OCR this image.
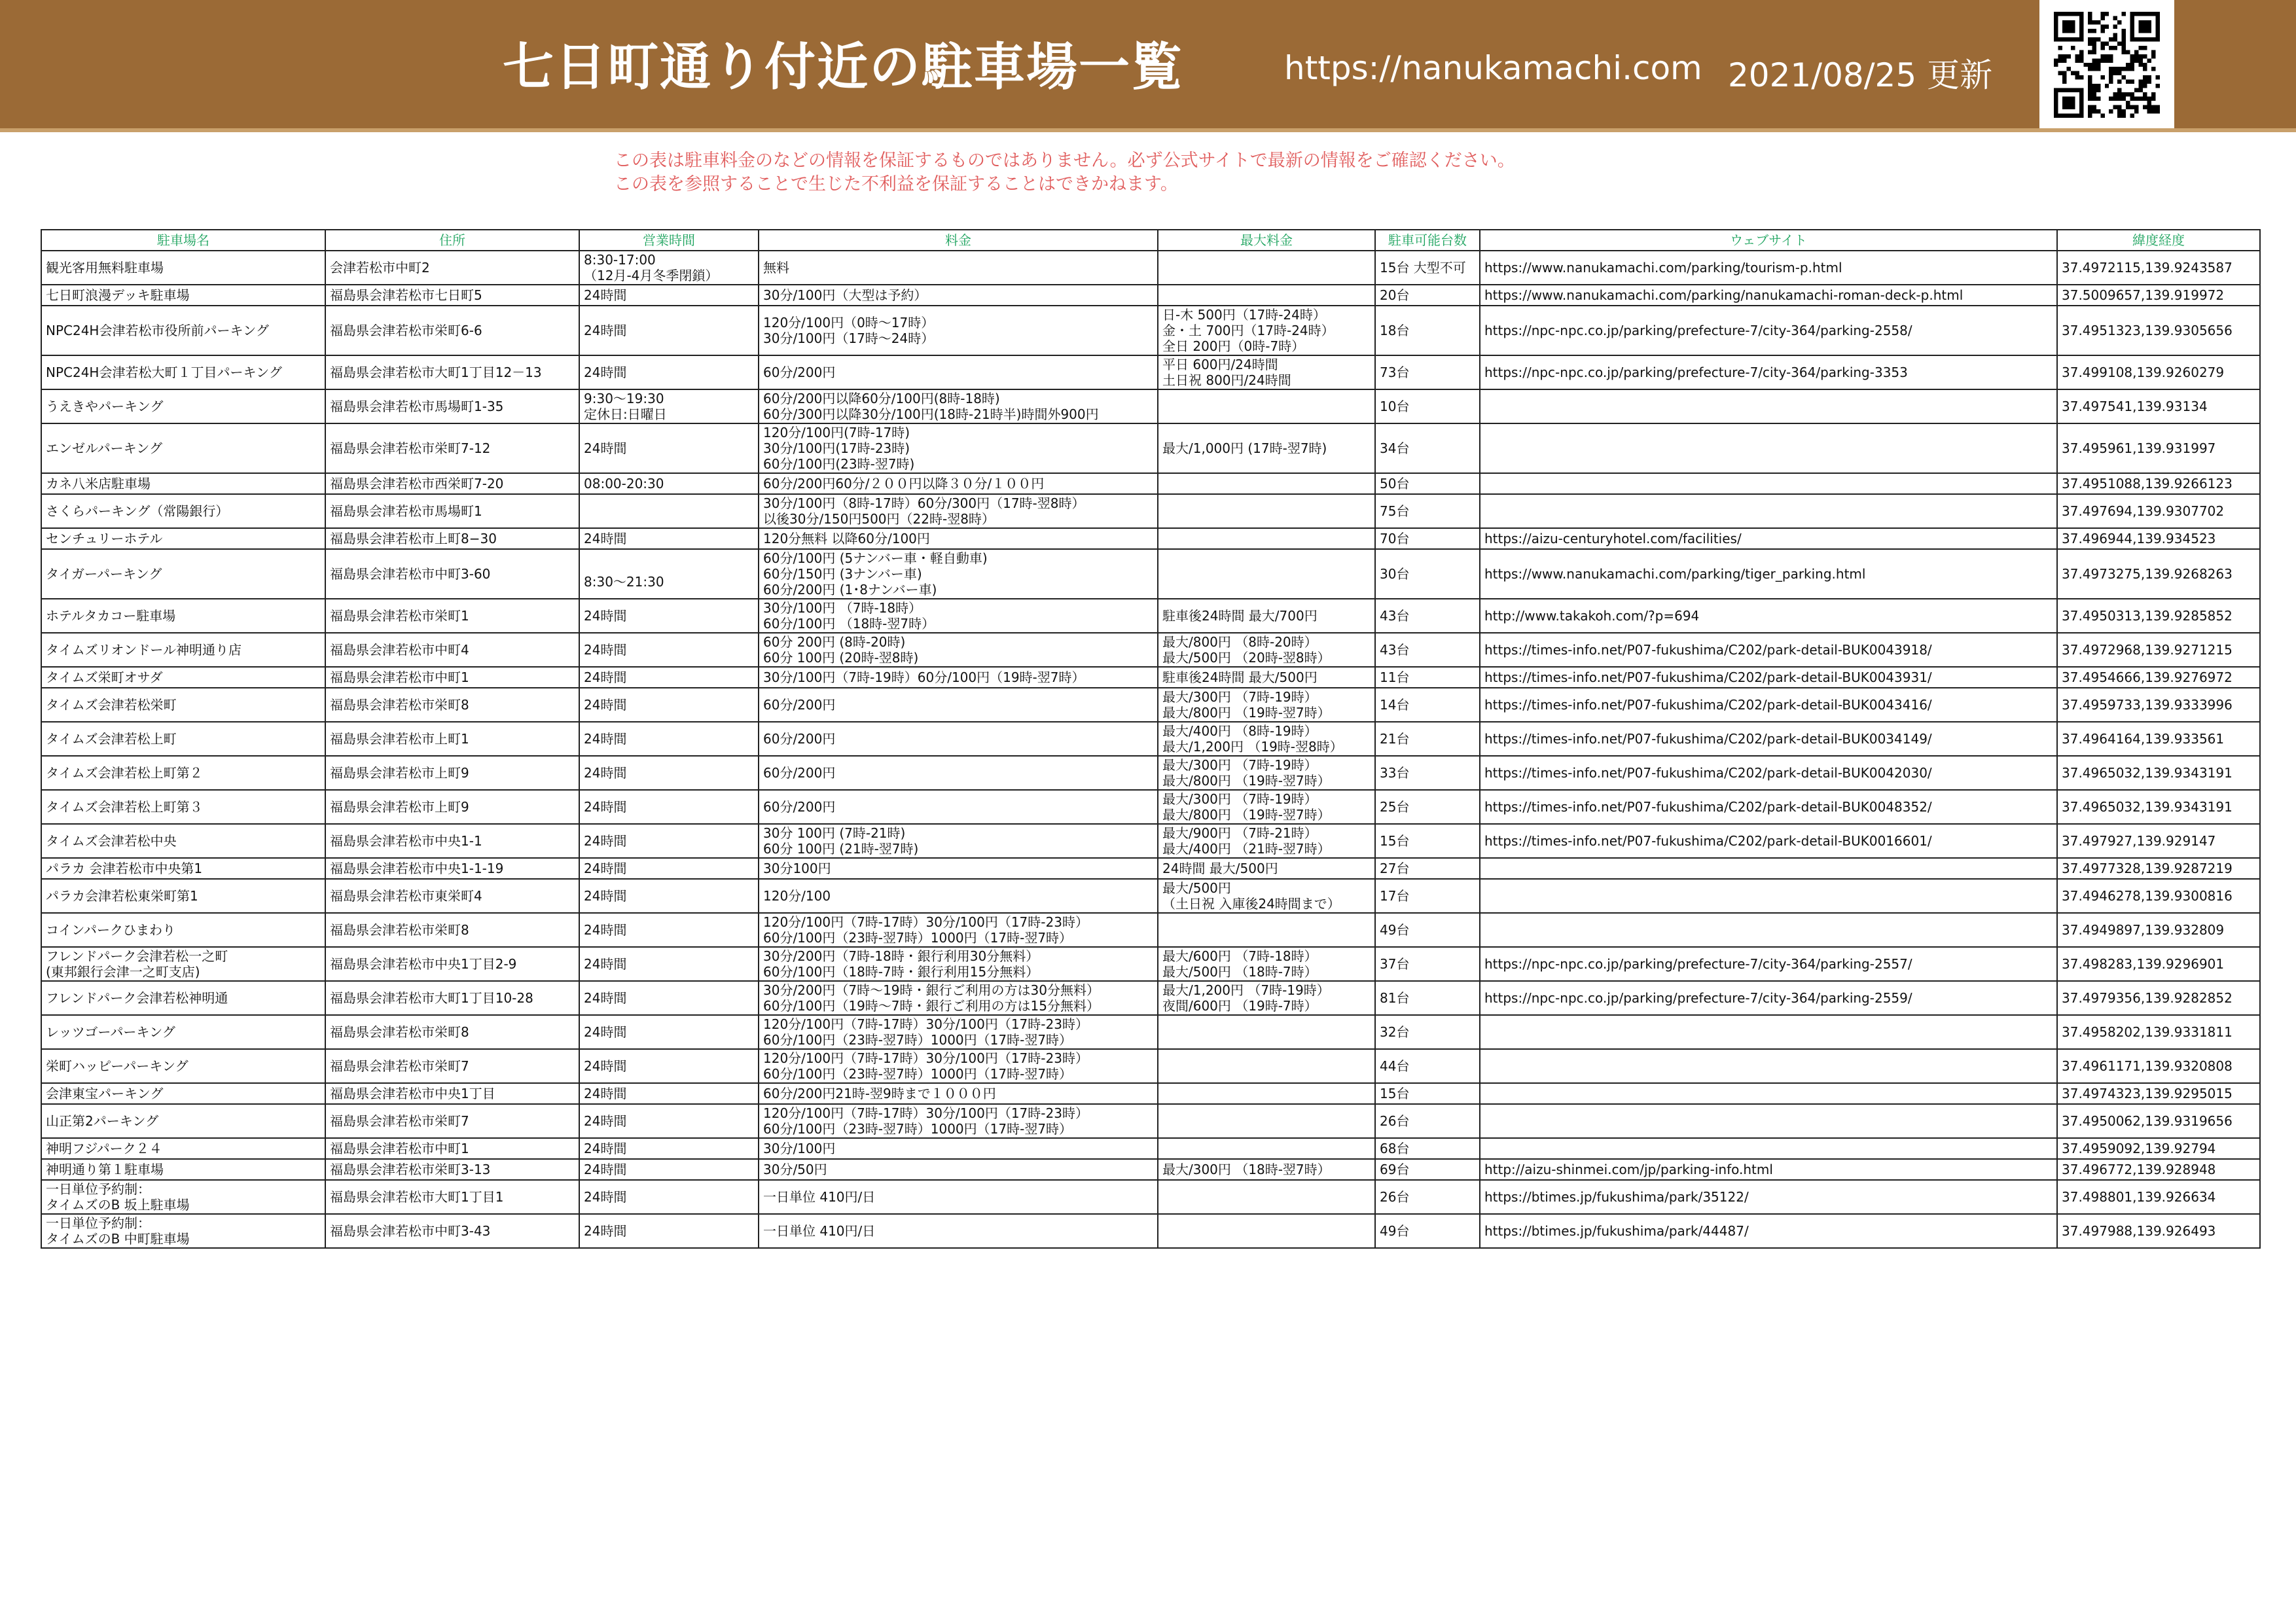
七日町通り付近の駐車場一覧	https://nanukamachi.com 2021/08/25 更新
この表は駐車料金のなどの情報を保証するものではありません。必ず公式サイトで最新の情報をご確認ください。
この表を参照することで生じた不利益を保証することはできかねます。
駐車場名	住所	営業時間	料金	最大料金	駐車可能台数	ウェブサイト	緯度経度

観光客用無料駐車場	会津若松市中町2	8:30-17:00
（12月-4月冬季閉鎖）	無料		15台 大型不可	https://www.nanukamachi.com/parking/tourism-p.html	37.4972115,139.9243587

七日町浪漫デッキ駐車場	福島県会津若松市七日町5	24時間	30分/100円（大型は予約）		20台	https://www.nanukamachi.com/parking/nanukamachi-roman-deck-p.html	37.5009657,139.919972

NPC24H会津若松市役所前パーキング	福島県会津若松市栄町6-6	24時間	120分/100円（0時〜17時）
30分/100円（17時〜24時）	日-木 500円（17時-24時）
金・土 700円（17時-24時）
全日 200円（0時-7時）	18台	https://npc-npc.co.jp/parking/prefecture-7/city-364/parking-2558/	37.4951323,139.9305656

NPC24H会津若松大町１丁目パーキング	福島県会津若松市大町1丁目12－13	24時間	60分/200円	平日 600円/24時間
土日祝 800円/24時間	73台	https://npc-npc.co.jp/parking/prefecture-7/city-364/parking-3353	37.499108,139.9260279

うえきやパーキング	福島県会津若松市馬場町1-35	9:30〜19:30
定休日:日曜日	60分/200円以降60分/100円(8時-18時)
60分/300円以降30分/100円(18時-21時半)時間外900円		10台		37.497541,139.93134

エンゼルパーキング	福島県会津若松市栄町7-12	24時間	120分/100円(7時-17時)
30分/100円(17時-23時)
60分/100円(23時-翌7時)	最大/1,000円 (17時-翌7時)	34台		37.495961,139.931997

カネ八米店駐車場	福島県会津若松市西栄町7-20	08:00-20:30	60分/200円60分/２００円以降３０分/１００円		50台		37.4951088,139.9266123

さくらパーキング（常陽銀行）	福島県会津若松市馬場町1		30分/100円（8時-17時）60分/300円（17時-翌8時）
以後30分/150円500円（22時-翌8時）		75台		37.497694,139.9307702

センチュリーホテル	福島県会津若松市上町8−30	24時間	120分無料 以降60分/100円		70台	https://aizu-centuryhotel.com/facilities/	37.496944,139.934523

タイガーパーキング	福島県会津若松市中町3-60	8:30〜21:30	60分/100円 (5ナンバー車・軽自動車)
60分/150円 (3ナンバー車)
60分/200円 (1･8ナンバー車)		30台	https://www.nanukamachi.com/parking/tiger_parking.html	37.4973275,139.9268263

ホテルタカコー駐車場	福島県会津若松市栄町1	24時間	30分/100円 （7時-18時）
60分/100円 （18時-翌7時）	駐車後24時間 最大/700円	43台	http://www.takakoh.com/?p=694	37.4950313,139.9285852

タイムズリオンドール神明通り店	福島県会津若松市中町4	24時間	60分 200円 (8時-20時)
60分 100円 (20時-翌8時)	最大/800円 （8時-20時）
最大/500円 （20時-翌8時）	43台	https://times-info.net/P07-fukushima/C202/park-detail-BUK0043918/	37.4972968,139.9271215

タイムズ栄町オサダ	福島県会津若松市中町1	24時間	30分/100円（7時-19時）60分/100円（19時-翌7時）	駐車後24時間 最大/500円	11台	https://times-info.net/P07-fukushima/C202/park-detail-BUK0043931/	37.4954666,139.9276972

タイムズ会津若松栄町	福島県会津若松市栄町8	24時間	60分/200円	最大/300円 （7時-19時）
最大/800円 （19時-翌7時）	14台	https://times-info.net/P07-fukushima/C202/park-detail-BUK0043416/	37.4959733,139.9333996

タイムズ会津若松上町	福島県会津若松市上町1	24時間	60分/200円	最大/400円 （8時-19時）
最大/1,200円 （19時-翌8時）	21台	https://times-info.net/P07-fukushima/C202/park-detail-BUK0034149/	37.4964164,139.933561

タイムズ会津若松上町第２	福島県会津若松市上町9	24時間	60分/200円	最大/300円 （7時-19時）
最大/800円 （19時-翌7時）	33台	https://times-info.net/P07-fukushima/C202/park-detail-BUK0042030/	37.4965032,139.9343191

タイムズ会津若松上町第３	福島県会津若松市上町9	24時間	60分/200円	最大/300円 （7時-19時）
最大/800円 （19時-翌7時）	25台	https://times-info.net/P07-fukushima/C202/park-detail-BUK0048352/	37.4965032,139.9343191

タイムズ会津若松中央	福島県会津若松市中央1-1	24時間	30分 100円 (7時-21時)
60分 100円 (21時-翌7時)	最大/900円 （7時-21時）
最大/400円 （21時-翌7時）	15台	https://times-info.net/P07-fukushima/C202/park-detail-BUK0016601/	37.497927,139.929147

パラカ 会津若松市中央第1	福島県会津若松市中央1-1-19	24時間	30分100円	24時間 最大/500円	27台		37.4977328,139.9287219

パラカ会津若松東栄町第1	福島県会津若松市東栄町4	24時間	120分/100	最大/500円
（土日祝 入庫後24時間まで）	17台		37.4946278,139.9300816

コインパークひまわり	福島県会津若松市栄町8	24時間	120分/100円（7時-17時）30分/100円（17時-23時）
60分/100円（23時-翌7時）1000円（17時-翌7時）		49台		37.4949897,139.932809

フレンドパーク会津若松一之町
(東邦銀行会津一之町支店)	福島県会津若松市中央1丁目2-9	24時間	30分/200円（7時-18時・銀行利用30分無料）
60分/100円（18時-7時・銀行利用15分無料）	最大/600円 （7時-18時）
最大/500円 （18時-7時）	37台	https://npc-npc.co.jp/parking/prefecture-7/city-364/parking-2557/	37.498283,139.9296901

フレンドパーク会津若松神明通	福島県会津若松市大町1丁目10-28	24時間	30分/200円（7時〜19時・銀行ご利用の方は30分無料）
60分/100円（19時〜7時・銀行ご利用の方は15分無料）	最大/1,200円 （7時-19時）
夜間/600円 （19時-7時）	81台	https://npc-npc.co.jp/parking/prefecture-7/city-364/parking-2559/	37.4979356,139.9282852

レッツゴーパーキング	福島県会津若松市栄町8	24時間	120分/100円（7時-17時）30分/100円（17時-23時）
60分/100円（23時-翌7時）1000円（17時-翌7時）		32台		37.4958202,139.9331811

栄町ハッピーパーキング	福島県会津若松市栄町7	24時間	120分/100円（7時-17時）30分/100円（17時-23時）
60分/100円（23時-翌7時）1000円（17時-翌7時）		44台		37.4961171,139.9320808

会津東宝パーキング	福島県会津若松市中央1丁目	24時間	60分/200円21時-翌9時まで１０００円		15台		37.4974323,139.9295015

山正第2パーキング	福島県会津若松市栄町7	24時間	120分/100円（7時-17時）30分/100円（17時-23時）
60分/100円（23時-翌7時）1000円（17時-翌7時）		26台		37.4950062,139.9319656

神明フジパーク２４	福島県会津若松市中町1	24時間	30分/100円		68台		37.4959092,139.92794

神明通り第１駐車場	福島県会津若松市栄町3-13	24時間	30分/50円	最大/300円 （18時-翌7時）	69台	http://aizu-shinmei.com/jp/parking-info.html	37.496772,139.928948

一日単位予約制：
タイムズのB 坂上駐車場	福島県会津若松市大町1丁目1	24時間	一日単位 410円/日		26台	https://btimes.jp/fukushima/park/35122/	37.498801,139.926634

一日単位予約制：
タイムズのB 中町駐車場	福島県会津若松市中町3-43	24時間	一日単位 410円/日		49台	https://btimes.jp/fukushima/park/44487/	37.497988,139.926493
